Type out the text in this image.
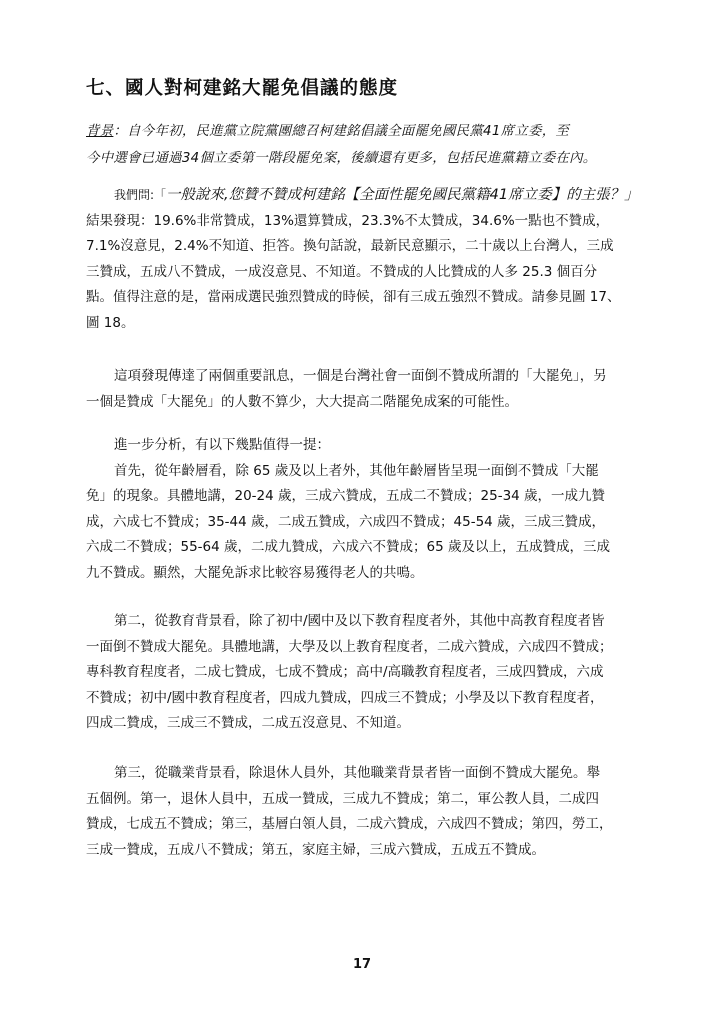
七、國人對柯建銘大罷免倡議的態度
背景：自今年初，民進黨立院黨團總召柯建銘倡議全面罷免國民黨41席立委，至
今中選會已通過34個立委第一階段罷免案，後續還有更多，包括民進黨籍立委在內。
我們問:「一般說來,您贊不贊成柯建銘【全面性罷免國民黨籍41席立委】的主張？」
結果發現：19.6%非常贊成，13%還算贊成，23.3%不太贊成，34.6%一點也不贊成，
7.1%沒意見，2.4%不知道、拒答。換句話說，最新民意顯示，二十歲以上台灣人，三成
三贊成，五成八不贊成，一成沒意見、不知道。不贊成的人比贊成的人多 25.3 個百分
點。值得注意的是，當兩成選民強烈贊成的時候，卻有三成五強烈不贊成。請參見圖 17、
圖 18。
這項發現傳達了兩個重要訊息，一個是台灣社會一面倒不贊成所謂的「大罷免」，另
一個是贊成「大罷免」的人數不算少，大大提高二階罷免成案的可能性。
進一步分析，有以下幾點值得一提：
首先，從年齡層看，除 65 歲及以上者外，其他年齡層皆呈現一面倒不贊成「大罷
免」的現象。具體地講，20-24 歲，三成六贊成，五成二不贊成；25-34 歲，一成九贊
成，六成七不贊成；35-44 歲，二成五贊成，六成四不贊成；45-54 歲，三成三贊成，
六成二不贊成；55-64 歲，二成九贊成，六成六不贊成；65 歲及以上，五成贊成，三成
九不贊成。顯然，大罷免訴求比較容易獲得老人的共鳴。
第二，從教育背景看，除了初中/國中及以下教育程度者外，其他中高教育程度者皆
一面倒不贊成大罷免。具體地講，大學及以上教育程度者，二成六贊成，六成四不贊成；
專科教育程度者，二成七贊成，七成不贊成；高中/高職教育程度者，三成四贊成，六成
不贊成；初中/國中教育程度者，四成九贊成，四成三不贊成；小學及以下教育程度者，
四成二贊成，三成三不贊成，二成五沒意見、不知道。
第三，從職業背景看，除退休人員外，其他職業背景者皆一面倒不贊成大罷免。舉
五個例。第一，退休人員中，五成一贊成，三成九不贊成；第二，軍公教人員，二成四
贊成，七成五不贊成；第三，基層白領人員，二成六贊成，六成四不贊成；第四，勞工，
三成一贊成，五成八不贊成；第五，家庭主婦，三成六贊成，五成五不贊成。
17
